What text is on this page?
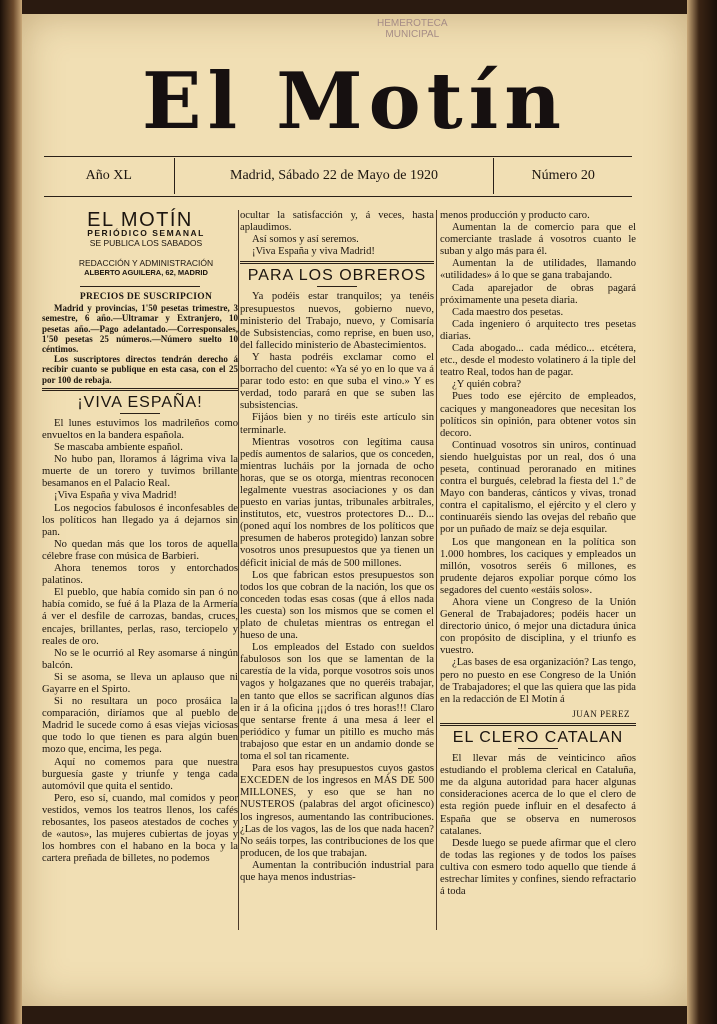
HEMEROTECA
MUNICIPAL
El Motín
Año XL	Madrid, Sábado 22 de Mayo de 1920	Número 20
EL MOTÍN

PERIÓDICO SEMANAL

SE PUBLICA LOS SABADOS

REDACCIÓN Y ADMINISTRACIÓN

ALBERTO AGUILERA, 62, MADRID

PRECIOS DE SUSCRIPCION

Madrid y provincias, 1'50 pesetas trimestre, 3 semestre, 6 año.—Ultramar y Extranjero, 10 pesetas año.—Pago adelantado.—Corresponsales, 1'50 pesetas 25 números.—Número suelto 10 céntimos.

Los suscriptores directos tendrán derecho á recibir cuanto se publique en esta casa, con el 25 por 100 de rebaja.

¡VIVA ESPAÑA!

El lunes estuvimos los madrileños como envueltos en la bandera española.

Se mascaba ambiente español.

No hubo pan, lloramos á lágrima viva la muerte de un torero y tuvimos brillante besamanos en el Palacio Real.

¡Viva España y viva Madrid!

Los negocios fabulosos é inconfesables de los políticos han llegado ya á dejarnos sin pan.

No quedan más que los toros de aquella célebre frase con música de Barbieri.

Ahora tenemos toros y entorchados palatinos.

El pueblo, que había comido sin pan ó no había comido, se fué á la Plaza de la Armería á ver el desfile de carrozas, bandas, cruces, encajes, brillantes, perlas, raso, terciopelo y reales de oro.

No se le ocurrió al Rey asomarse á ningún balcón.

Si se asoma, se lleva un aplauso que ni Gayarre en el Spirto.

Si no resultara un poco prosáica la comparación, diríamos que al pueblo de Madrid le sucede como á esas viejas viciosas que todo lo que tienen es para algún buen mozo que, encima, les pega.

Aquí no comemos para que nuestra burguesía gaste y triunfe y tenga cada automóvil que quita el sentido.

Pero, eso sí, cuando, mal comidos y peor vestidos, vemos los teatros llenos, los cafés rebosantes, los paseos atestados de coches y de «autos», las mujeres cubiertas de joyas y los hombres con el habano en la boca y la cartera preñada de billetes, no podemos

ocultar la satisfacción y, á veces, hasta aplaudimos.

Así somos y así seremos.

¡Viva España y viva Madrid!

PARA LOS OBREROS

Ya podéis estar tranquilos; ya tenéis presupuestos nuevos, gobierno nuevo, ministerio del Trabajo, nuevo, y Comisaría de Subsistencias, como reprise, en buen uso, del fallecido ministerio de Abastecimientos.

Y hasta podréis exclamar como el borracho del cuento: «Ya sé yo en lo que va á parar todo esto: en que suba el vino.» Y es verdad, todo parará en que se suben las subsistencias.

Fijáos bien y no tiréis este artículo sin terminarle.

Mientras vosotros con legítima causa pedís aumentos de salarios, que os conceden, mientras lucháis por la jornada de ocho horas, que se os otorga, mientras reconocen legalmente vuestras asociaciones y os dan puesto en varias juntas, tribunales arbitrales, institutos, etc, vuestros protectores D... D... (poned aquí los nombres de los políticos que presumen de haberos protegido) lanzan sobre vosotros unos presupuestos que ya tienen un déficit inicial de más de 500 millones.

Los que fabrican estos presupuestos son todos los que cobran de la nación, los que os conceden todas esas cosas (que á ellos nada les cuesta) son los mismos que se comen el plato de chuletas mientras os entregan el hueso de una.

Los empleados del Estado con sueldos fabulosos son los que se lamentan de la carestía de la vida, porque vosotros sois unos vagos y holgazanes que no queréis trabajar, en tanto que ellos se sacrifican algunos días en ir á la oficina ¡¡¡dos ó tres horas!!! Claro que sentarse frente á una mesa á leer el periódico y fumar un pitillo es mucho más trabajoso que estar en un andamio donde se toma el sol tan ricamente.

Para esos hay presupuestos cuyos gastos EXCEDEN de los ingresos en MÁS DE 500 MILLONES, y eso que se han no NUSTEROS (palabras del argot oficinesco) los ingresos, aumentando las contribuciones. ¿Las de los vagos, las de los que nada hacen? No seáis torpes, las contribuciones de los que producen, de los que trabajan.

Aumentan la contribución industrial para que haya menos industrias-

menos producción y producto caro.

Aumentan la de comercio para que el comerciante traslade á vosotros cuanto le suban y algo más para él.

Aumentan la de utilidades, llamando «utilidades» á lo que se gana trabajando.

Cada aparejador de obras pagará próximamente una peseta diaria.

Cada maestro dos pesetas.

Cada ingeniero ó arquitecto tres pesetas diarias.

Cada abogado... cada médico... etcétera, etc., desde el modesto volatinero á la tiple del teatro Real, todos han de pagar.

¿Y quién cobra?

Pues todo ese ejército de empleados, caciques y mangoneadores que necesitan los políticos sin opinión, para obtener votos sin decoro.

Continuad vosotros sin uniros, continuad siendo huelguistas por un real, dos ó una peseta, continuad peroranado en mitines contra el burgués, celebrad la fiesta del 1.º de Mayo con banderas, cánticos y vivas, tronad contra el capitalismo, el ejército y el clero y continuaréis siendo las ovejas del rebaño que por un puñado de maíz se deja esquilar.

Los que mangonean en la política son 1.000 hombres, los caciques y empleados un millón, vosotros seréis 6 millones, es prudente dejaros expoliar porque cómo los segadores del cuento «estáis solos».

Ahora viene un Congreso de la Unión General de Trabajadores; podéis hacer un directorio único, ó mejor una dictadura única con propósito de disciplina, y el triunfo es vuestro.

¿Las bases de esa organización? Las tengo, pero no puesto en ese Congreso de la Unión de Trabajadores; el que las quiera que las pida en la redacción de El Motín á

JUAN PEREZ
EL CLERO CATALAN

El llevar más de veinticinco años estudiando el problema clerical en Cataluña, me da alguna autoridad para hacer algunas consideraciones acerca de lo que el clero de esta región puede influir en el desafecto á España que se observa en numerosos catalanes.

Desde luego se puede afirmar que el clero de todas las regiones y de todos los países cultiva con esmero todo aquello que tiende á estrechar límites y confines, siendo refractario á toda
